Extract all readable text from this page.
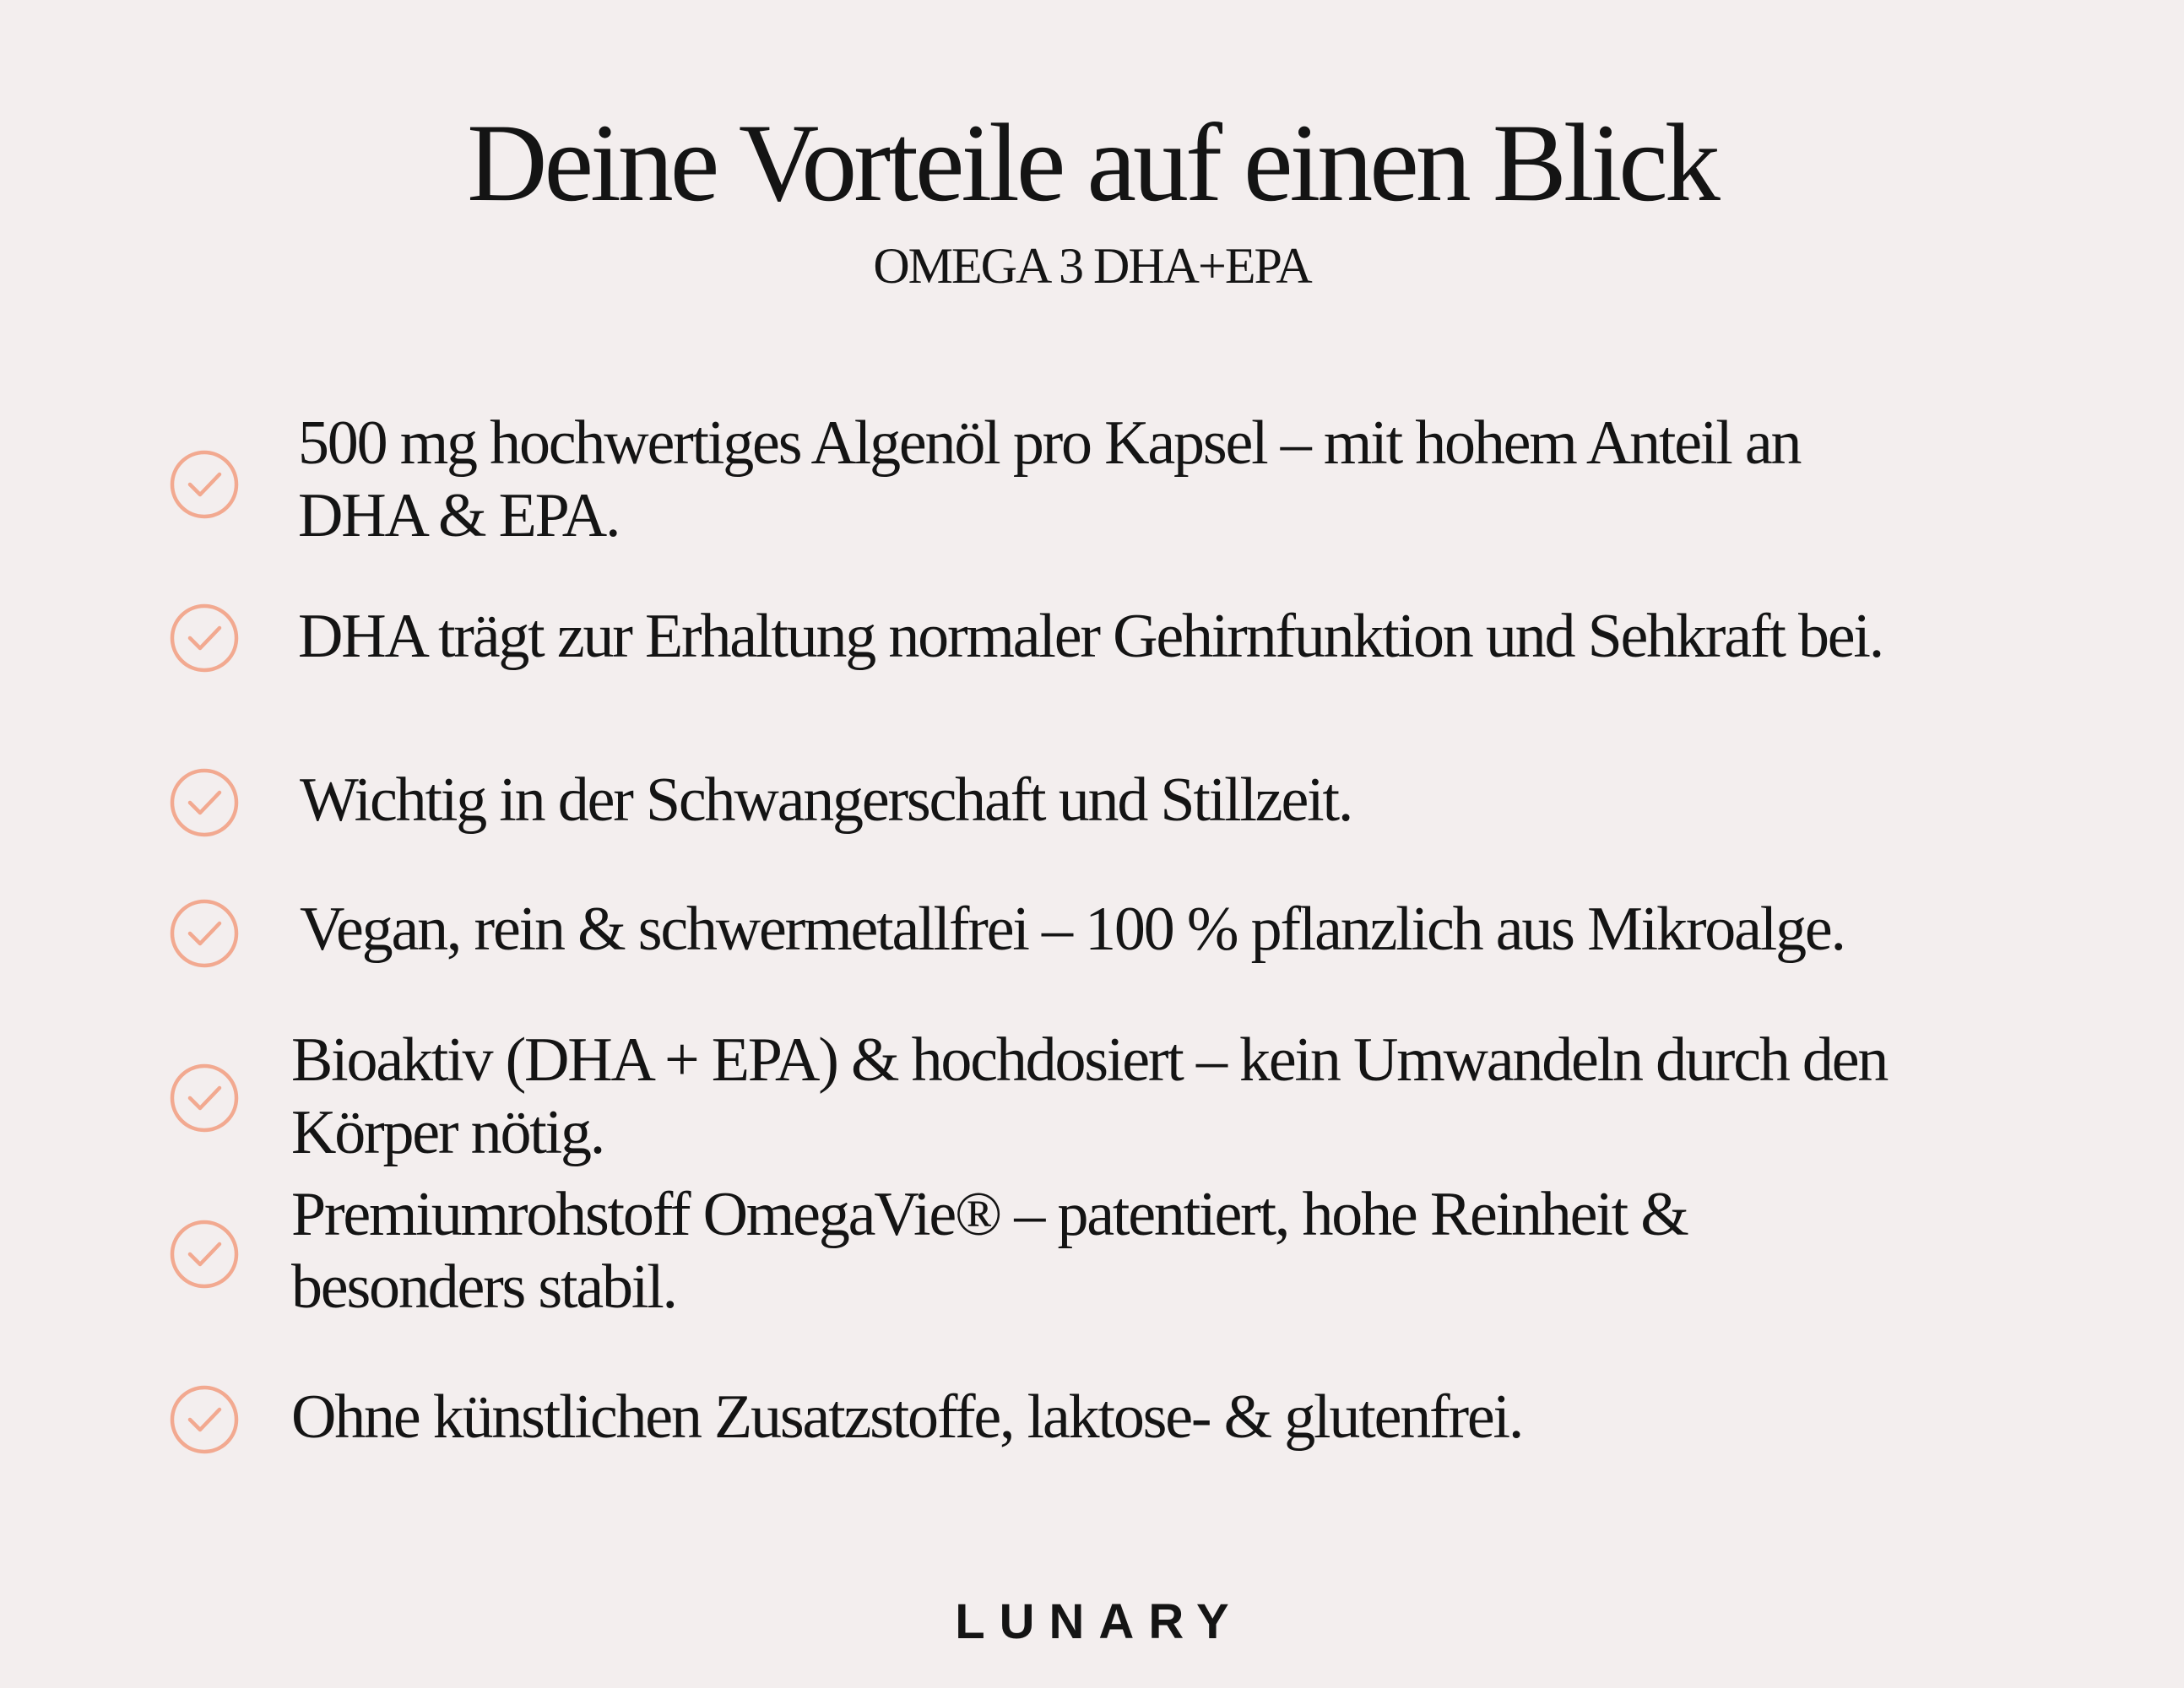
Deine Vorteile auf einen Blick
OMEGA 3 DHA+EPA
500 mg hochwertiges Algenöl pro Kapsel – mit hohem Anteil an
DHA & EPA.
DHA trägt zur Erhaltung normaler Gehirnfunktion und Sehkraft bei.
Wichtig in der Schwangerschaft und Stillzeit.
Vegan, rein & schwermetallfrei – 100 % pflanzlich aus Mikroalge.
Bioaktiv (DHA + EPA) & hochdosiert – kein Umwandeln durch den
Körper nötig.
Premiumrohstoff OmegaVie® – patentiert, hohe Reinheit &
besonders stabil.
Ohne künstlichen Zusatzstoffe, laktose- & glutenfrei.
LUNARY
